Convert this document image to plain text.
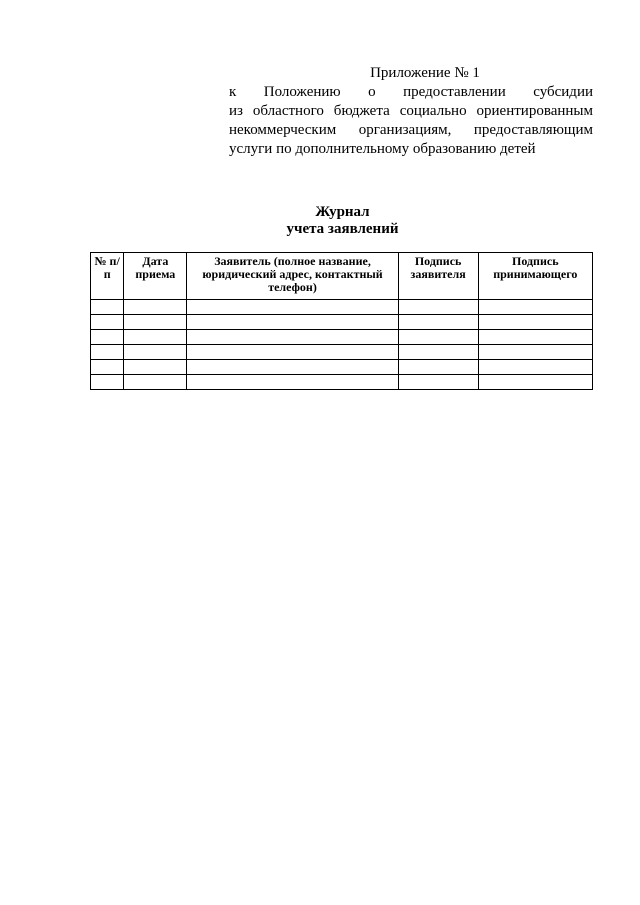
Приложение № 1
к Положению о предоставлении субсидии
из областного бюджета социально ориентированным
некоммерческим организациям, предоставляющим
услуги по дополнительному образованию детей
Журнал
учета заявлений
№ п/п	Дата приема	Заявитель (полное название, юридический адрес, контактный телефон)	Подпись заявителя	Подпись принимающего
